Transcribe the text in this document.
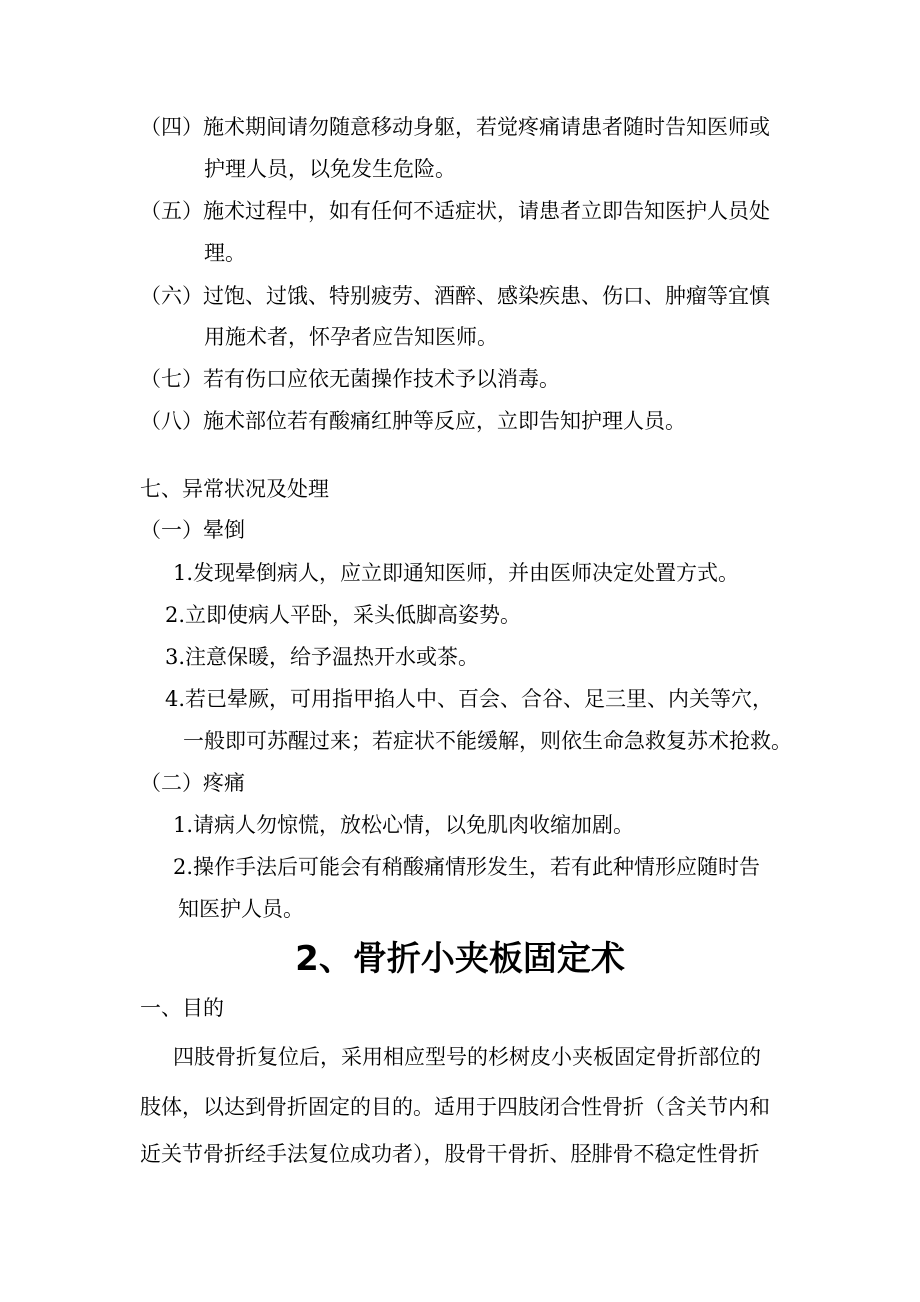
（四）施术期间请勿随意移动身躯，若觉疼痛请患者随时告知医师或
护理人员，以免发生危险。
（五）施术过程中，如有任何不适症状，请患者立即告知医护人员处
理。
（六）过饱、过饿、特别疲劳、酒醉、感染疾患、伤口、肿瘤等宜慎
用施术者，怀孕者应告知医师。
（七）若有伤口应依无菌操作技术予以消毒。
（八）施术部位若有酸痛红肿等反应，立即告知护理人员。
七、异常状况及处理
（一）晕倒
1.发现晕倒病人，应立即通知医师，并由医师决定处置方式。
2.立即使病人平卧，采头低脚高姿势。
3.注意保暖，给予温热开水或茶。
4.若已晕厥，可用指甲掐人中、百会、合谷、足三里、内关等穴，
一般即可苏醒过来；若症状不能缓解，则依生命急救复苏术抢救。
（二）疼痛
1.请病人勿惊慌，放松心情，以免肌肉收缩加剧。
2.操作手法后可能会有稍酸痛情形发生，若有此种情形应随时告
知医护人员。
2、骨折小夹板固定术
一、目的
四肢骨折复位后，采用相应型号的杉树皮小夹板固定骨折部位的
肢体，以达到骨折固定的目的。适用于四肢闭合性骨折（含关节内和
近关节骨折经手法复位成功者），股骨干骨折、胫腓骨不稳定性骨折
